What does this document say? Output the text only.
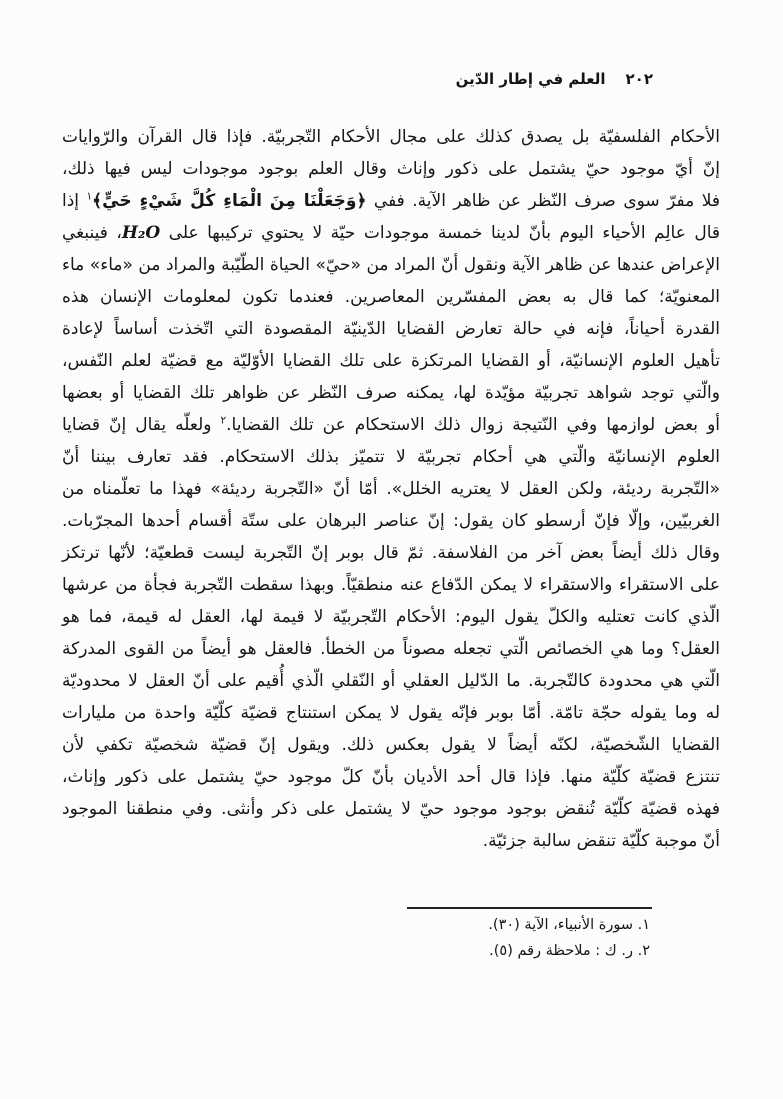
٢٠٢
العلم في إطار الدّين
الأحكام الفلسفيّة بل يصدق كذلك على مجال الأحكام التّجربيّة. فإذا قال القرآن والرّوايات
إنّ أيّ موجود حيّ يشتمل على ذكور وإناث وقال العلم بوجود موجودات ليس فيها ذلك،
فلا مفرّ سوى صرف النّظر عن ظاهر الآية. ففي ﴿وَجَعَلْنَا مِنَ الْمَاءِ كُلَّ شَيْءٍ حَيٍّ﴾$^١$ إذا
قال عالِم الأحياء اليوم بأنّ لدينا خمسة موجودات حيّة لا يحتوي تركيبها على H₂O، فينبغي
الإعراض عندها عن ظاهر الآية ونقول أنّ المراد من «حيّ» الحياة الطّيّبة والمراد من «ماء» ماء
المعنويّة؛ كما قال به بعض المفسّرين المعاصرين. فعندما تكون لمعلومات الإنسان هذه
القدرة أحياناً، فإنه في حالة تعارض القضايا الدّينيّة المقصودة التي اتّخذت أساساً لإعادة
تأهيل العلوم الإنسانيّة، أو القضايا المرتكزة على تلك القضايا الأوّليّة مع قضيّة لعلم النّفس،
والّتي توجد شواهد تجربيّة مؤيّدة لها، يمكنه صرف النّظر عن ظواهر تلك القضايا أو بعضها
أو بعض لوازمها وفي النّتيجة زوال ذلك الاستحكام عن تلك القضايا.$^٢$ ولعلّه يقال إنّ قضايا
العلوم الإنسانيّة والّتي هي أحكام تجربيّة لا تتميّز بذلك الاستحكام. فقد تعارف بيننا أنّ
«التّجربة رديئة، ولكن العقل لا يعتريه الخلل». أمّا أنّ «التّجربة رديئة» فهذا ما تعلّمناه من
الغربيّين، وإلّا فإنّ أرسطو كان يقول: إنّ عناصر البرهان على ستّة أقسام أحدها المجرّبات.
وقال ذلك أيضاً بعض آخر من الفلاسفة. ثمّ قال بوبر إنّ التّجربة ليست قطعيّة؛ لأنّها ترتكز
على الاستقراء والاستقراء لا يمكن الدّفاع عنه منطقيّاً. وبهذا سقطت التّجربة فجأة من عرشها
الّذي كانت تعتليه والكلّ يقول اليوم: الأحكام التّجربيّة لا قيمة لها، العقل له قيمة، فما هو
العقل؟ وما هي الخصائص الّتي تجعله مصوناً من الخطأ. فالعقل هو أيضاً من القوى المدركة
الّتي هي محدودة كالتّجربة. ما الدّليل العقلي أو النّقلي الّذي أُقيم على أنّ العقل لا محدوديّة
له وما يقوله حجّة تامّة. أمّا بوبر فإنّه يقول لا يمكن استنتاج قضيّة كلّيّة واحدة من مليارات
القضايا الشّخصيّة، لكنّه أيضاً لا يقول بعكس ذلك. ويقول إنّ قضيّة شخصيّة تكفي لأن
تنتزع قضيّة كلّيّة منها. فإذا قال أحد الأديان بأنّ كلّ موجود حيّ يشتمل على ذكور وإناث،
فهذه قضيّة كلّيّة تُنقض بوجود موجود حيّ لا يشتمل على ذكر وأنثى. وفي منطقنا الموجود
أنّ موجبة كلّيّة تنقض سالبة جزئيّة.
١. سورة الأنبياء، الآية (٣٠).
٢. ر. ك : ملاحظة رقم (٥).
